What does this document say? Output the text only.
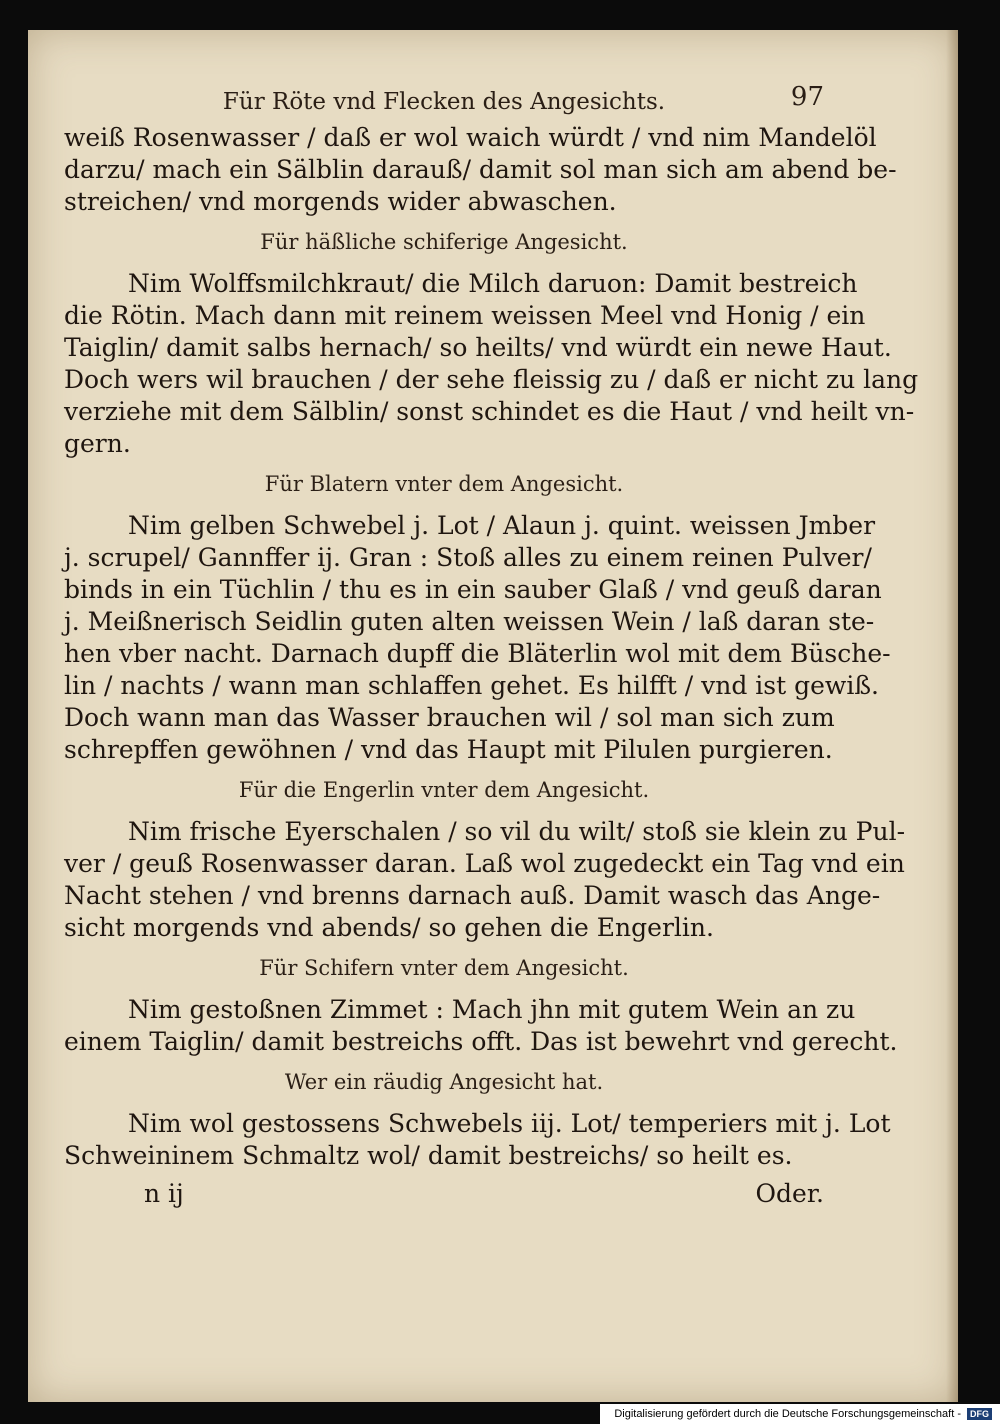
Für Röte vnd Flecken des Angesichts.	97
weiß Rosenwasser / daß er wol waich würdt / vnd nim Mandelöl
darzu/ mach ein Sälblin darauß/ damit sol man sich am abend be-
streichen/ vnd morgends wider abwaschen.
Für häßliche schiferige Angesicht.
Nim Wolffsmilchkraut/ die Milch daruon: Damit bestreich
die Rötin. Mach dann mit reinem weissen Meel vnd Honig / ein
Taiglin/ damit salbs hernach/ so heilts/ vnd würdt ein newe Haut.
Doch wers wil brauchen / der sehe fleissig zu / daß er nicht zu lang
verziehe mit dem Sälblin/ sonst schindet es die Haut / vnd heilt vn-
gern.
Für Blatern vnter dem Angesicht.
Nim gelben Schwebel j. Lot / Alaun j. quint. weissen Jmber
j. scrupel/ Gannffer ij. Gran : Stoß alles zu einem reinen Pulver/
binds in ein Tüchlin / thu es in ein sauber Glaß / vnd geuß daran
j. Meißnerisch Seidlin guten alten weissen Wein / laß daran ste-
hen vber nacht. Darnach dupff die Bläterlin wol mit dem Büsche-
lin / nachts / wann man schlaffen gehet. Es hilfft / vnd ist gewiß.
Doch wann man das Wasser brauchen wil / sol man sich zum
schrepffen gewöhnen / vnd das Haupt mit Pilulen purgieren.
Für die Engerlin vnter dem Angesicht.
Nim frische Eyerschalen / so vil du wilt/ stoß sie klein zu Pul-
ver / geuß Rosenwasser daran. Laß wol zugedeckt ein Tag vnd ein
Nacht stehen / vnd brenns darnach auß. Damit wasch das Ange-
sicht morgends vnd abends/ so gehen die Engerlin.
Für Schifern vnter dem Angesicht.
Nim gestoßnen Zimmet : Mach jhn mit gutem Wein an zu
einem Taiglin/ damit bestreichs offt. Das ist bewehrt vnd gerecht.
Wer ein räudig Angesicht hat.
Nim wol gestossens Schwebels iij. Lot/ temperiers mit j. Lot
Schweininem Schmaltz wol/ damit bestreichs/ so heilt es.
n ij	Oder.
Digitalisierung gefördert durch die Deutsche Forschungsgemeinschaft -	DFG
